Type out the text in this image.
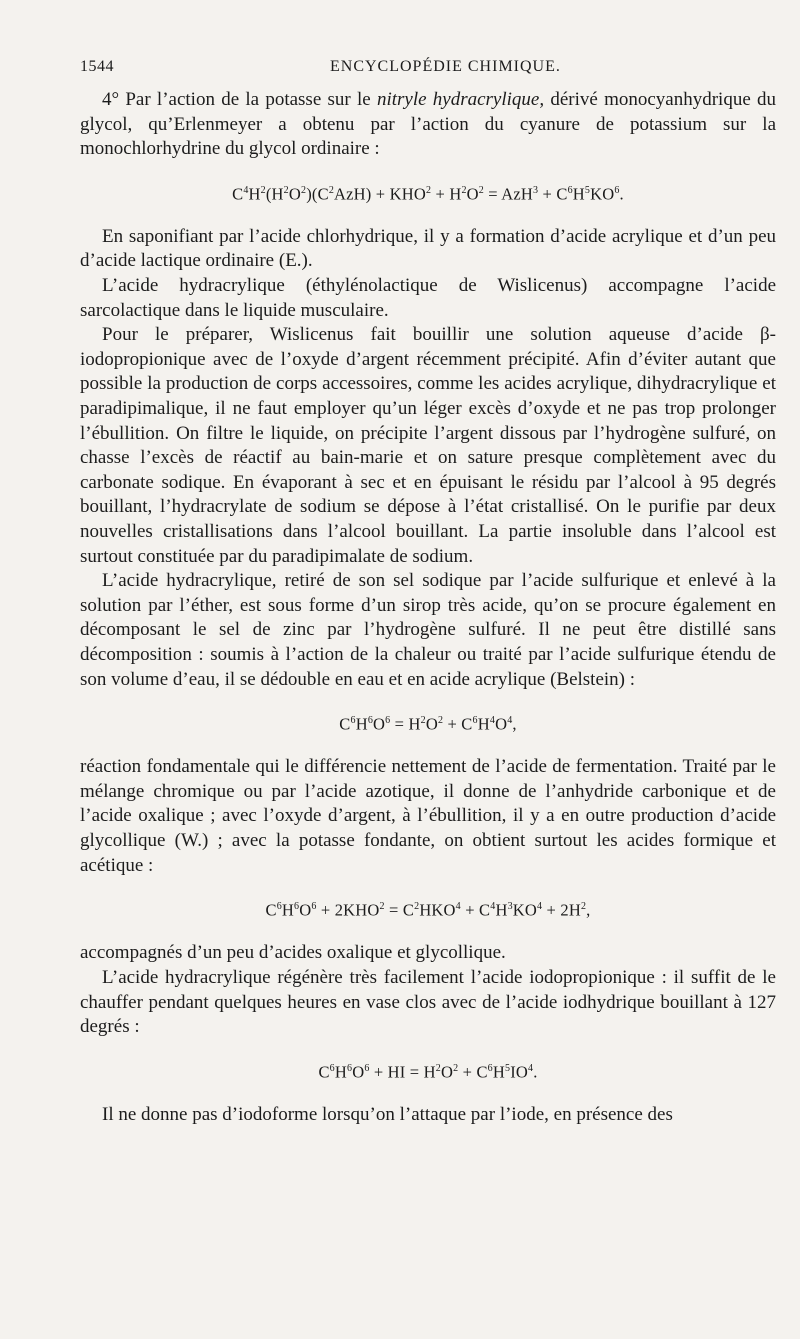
1544	ENCYCLOPÉDIE CHIMIQUE.

4° Par l’action de la potasse sur le nitryle hydracrylique, dérivé monocyanhydrique du glycol, qu’Erlenmeyer a obtenu par l’action du cyanure de potassium sur la monochlorhydrine du glycol ordinaire :

$C^4H^2(H^2O^2)(C^2AzH) + KHO^2 + H^2O^2 = AzH^3 + C^6H^5KO^6$.

En saponifiant par l’acide chlorhydrique, il y a formation d’acide acrylique et d’un peu d’acide lactique ordinaire (E.).

L’acide hydracrylique (éthylénolactique de Wislicenus) accompagne l’acide sarcolactique dans le liquide musculaire.

Pour le préparer, Wislicenus fait bouillir une solution aqueuse d’acide β-iodopropionique avec de l’oxyde d’argent récemment précipité. Afin d’éviter autant que possible la production de corps accessoires, comme les acides acrylique, dihydracrylique et paradipimalique, il ne faut employer qu’un léger excès d’oxyde et ne pas trop prolonger l’ébullition. On filtre le liquide, on précipite l’argent dissous par l’hydrogène sulfuré, on chasse l’excès de réactif au bain-marie et on sature presque complètement avec du carbonate sodique. En évaporant à sec et en épuisant le résidu par l’alcool à 95 degrés bouillant, l’hydracrylate de sodium se dépose à l’état cristallisé. On le purifie par deux nouvelles cristallisations dans l’alcool bouillant. La partie insoluble dans l’alcool est surtout constituée par du paradipimalate de sodium.

L’acide hydracrylique, retiré de son sel sodique par l’acide sulfurique et enlevé à la solution par l’éther, est sous forme d’un sirop très acide, qu’on se procure également en décomposant le sel de zinc par l’hydrogène sulfuré. Il ne peut être distillé sans décomposition : soumis à l’action de la chaleur ou traité par l’acide sulfurique étendu de son volume d’eau, il se dédouble en eau et en acide acrylique (Belstein) :

$C^6H^6O^6 = H^2O^2 + C^6H^4O^4$,

réaction fondamentale qui le différencie nettement de l’acide de fermentation. Traité par le mélange chromique ou par l’acide azotique, il donne de l’anhydride carbonique et de l’acide oxalique ; avec l’oxyde d’argent, à l’ébullition, il y a en outre production d’acide glycollique (W.) ; avec la potasse fondante, on obtient surtout les acides formique et acétique :

$C^6H^6O^6 + 2KHO^2 = C^2HKO^4 + C^4H^3KO^4 + 2H^2$,

accompagnés d’un peu d’acides oxalique et glycollique.

L’acide hydracrylique régénère très facilement l’acide iodopropionique : il suffit de le chauffer pendant quelques heures en vase clos avec de l’acide iodhydrique bouillant à 127 degrés :

$C^6H^6O^6$ + HI = $H^2O^2 + C^6H^5IO^4$.

Il ne donne pas d’iodoforme lorsqu’on l’attaque par l’iode, en présence des
